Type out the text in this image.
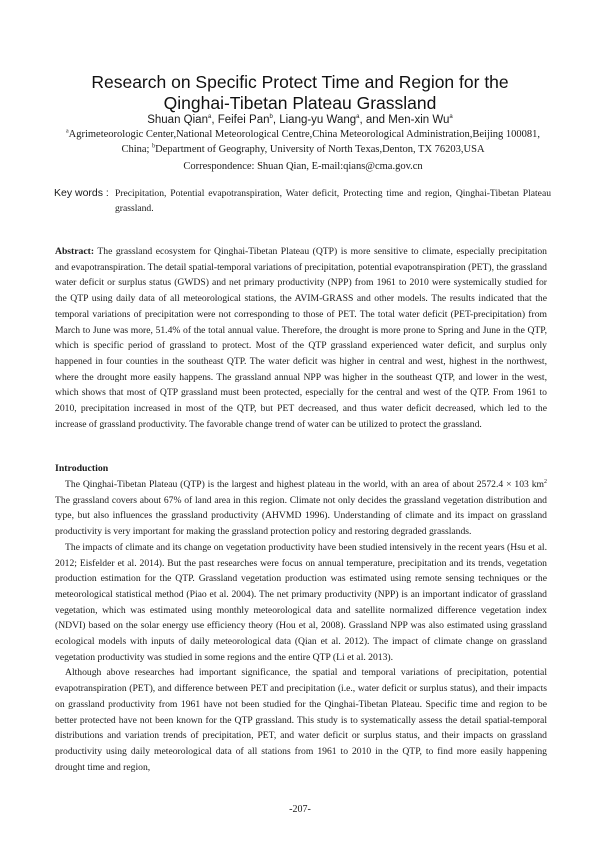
Research on Specific Protect Time and Region for the
Qinghai-Tibetan Plateau Grassland
Shuan Qian$^a$, Feifei Pan$^b$, Liang-yu Wang$^a$, and Men-xin Wu$^a$
$^a$Agrimeteorologic Center,National Meteorological Centre,China Meteorological Administration,Beijing 100081, China; $^b$Department of Geography, University of North Texas,Denton, TX 76203,USA
Correspondence: Shuan Qian, E-mail:qians@cma.gov.cn
Key words : Precipitation, Potential evapotranspiration, Water deficit, Protecting time and region, Qinghai-Tibetan Plateau grassland.
Abstract: The grassland ecosystem for Qinghai-Tibetan Plateau (QTP) is more sensitive to climate, especially precipitation and evapotranspiration. The detail spatial-temporal variations of precipitation, potential evapotranspiration (PET), the grassland water deficit or surplus status (GWDS) and net primary productivity (NPP) from 1961 to 2010 were systemically studied for the QTP using daily data of all meteorological stations, the AVIM-GRASS and other models. The results indicated that the temporal variations of precipitation were not corresponding to those of PET. The total water deficit (PET-precipitation) from March to June was more, 51.4% of the total annual value. Therefore, the drought is more prone to Spring and June in the QTP, which is specific period of grassland to protect. Most of the QTP grassland experienced water deficit, and surplus only happened in four counties in the southeast QTP. The water deficit was higher in central and west, highest in the northwest, where the drought more easily happens. The grassland annual NPP was higher in the southeast QTP, and lower in the west, which shows that most of QTP grassland must been protected, especially for the central and west of the QTP. From 1961 to 2010, precipitation increased in most of the QTP, but PET decreased, and thus water deficit decreased, which led to the increase of grassland productivity. The favorable change trend of water can be utilized to protect the grassland.
Introduction

The Qinghai-Tibetan Plateau (QTP) is the largest and highest plateau in the world, with an area of about 2572.4 × 103 $km^2$ The grassland covers about 67% of land area in this region. Climate not only decides the grassland vegetation distribution and type, but also influences the grassland productivity (AHVMD 1996). Understanding of climate and its impact on grassland productivity is very important for making the grassland protection policy and restoring degraded grasslands.

The impacts of climate and its change on vegetation productivity have been studied intensively in the recent years (Hsu et al. 2012; Eisfelder et al. 2014). But the past researches were focus on annual temperature, precipitation and its trends, vegetation production estimation for the QTP. Grassland vegetation production was estimated using remote sensing techniques or the meteorological statistical method (Piao et al. 2004). The net primary productivity (NPP) is an important indicator of grassland vegetation, which was estimated using monthly meteorological data and satellite normalized difference vegetation index (NDVI) based on the solar energy use efficiency theory (Hou et al, 2008). Grassland NPP was also estimated using grassland ecological models with inputs of daily meteorological data (Qian et al. 2012). The impact of climate change on grassland vegetation productivity was studied in some regions and the entire QTP (Li et al. 2013).

Although above researches had important significance, the spatial and temporal variations of precipitation, potential evapotranspiration (PET), and difference between PET and precipitation (i.e., water deficit or surplus status), and their impacts on grassland productivity from 1961 have not been studied for the Qinghai-Tibetan Plateau. Specific time and region to be better protected have not been known for the QTP grassland. This study is to systematically assess the detail spatial-temporal distributions and variation trends of precipitation, PET, and water deficit or surplus status, and their impacts on grassland productivity using daily meteorological data of all stations from 1961 to 2010 in the QTP, to find more easily happening drought time and region,

-207-
